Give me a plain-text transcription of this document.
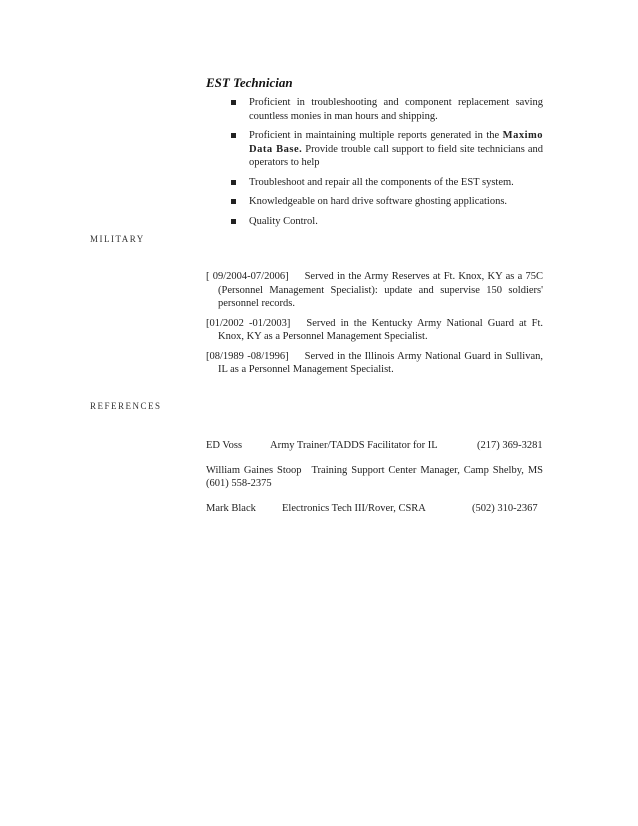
EST Technician
Proficient in troubleshooting and component replacement saving countless monies in man hours and shipping.
Proficient in maintaining multiple reports generated in the Maximo Data Base. Provide trouble call support to field site technicians and operators to help
Troubleshoot and repair all the components of the EST system.
Knowledgeable on hard drive software ghosting applications.
Quality Control.
MILITARY
[ 09/2004-07/2006] Served in the Army Reserves at Ft. Knox, KY as a 75C (Personnel Management Specialist): update and supervise 150 soldiers' personnel records.
[01/2002 -01/2003] Served in the Kentucky Army National Guard at Ft. Knox, KY as a Personnel Management Specialist.
[08/1989 -08/1996] Served in the Illinois Army National Guard in Sullivan, IL as a Personnel Management Specialist.
REFERENCES
ED Voss	Army Trainer/TADDS Facilitator for IL	(217) 369-3281
William Gaines Stoop Training Support Center Manager, Camp Shelby, MS (601) 558-2375
Mark Black	Electronics Tech III/Rover, CSRA	(502) 310-2367
